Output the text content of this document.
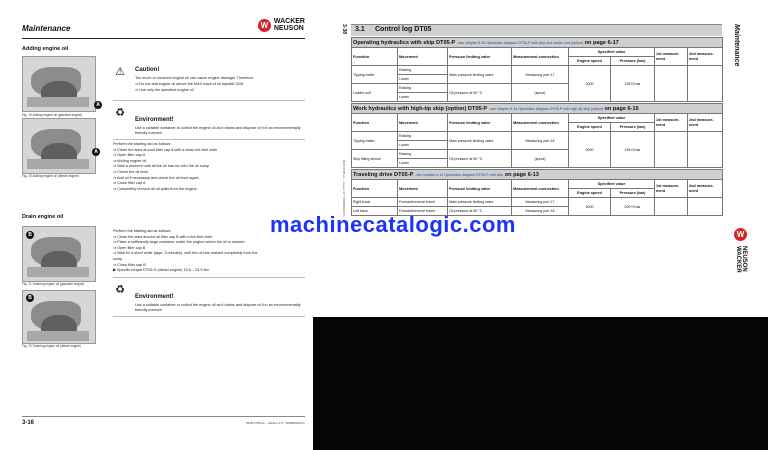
Maintenance	W WACKER
NEUSON
Adding engine oil
A
Fig. 19 Adding engine oil (gasoline engine)
A
Fig. 20 Adding engine oil (diesel engine)
⚠	Caution!
Too much or incorrect engine oil can cause engine damage! Therefore:
⇒ Do not add engine oil above the MAX mark of oil dipstick 32/A
⇒ Use only the specified engine oil
♻
Environment!
Use a suitable container to collect the engine oil as it drains and dispose of it in an environmentally friendly manner!
Perform the starting aid as follows:
⇒ Clean the area around filler cap A with a clean lint-free cloth
⇒ Open filler cap A
⇒ Adding engine oil
⇒ Wait a moment until all the oil has run into the oil sump
⇒ Check the oil level
⇒ Add oil if necessary and check the oil level again
⇒ Close filler cap A
⇒ Completely remove all oil spills from the engine.
Drain engine oil
B
Fig. 21 Draining engine oil (gasoline engine)
B
Fig. 22 Draining engine oil (diesel engine)
Perform the starting aid as follows:
⇒ Clean the area around oil filler cap B with a lint-free cloth
⇒ Place a sufficiently large container under the engine where the oil is drained
⇒ Open filler cap B
⇒ Wait for a short while (appr. 3 minutes), until the oil has drained completely from the
sump
⇒ Close filler cap B
▶ Specific torque DT05-D (diesel engine) 15.6 – 23.5 Nm
♻
Environment!
Use a suitable container to collect the engine oil as it drains and dispose of it in an environmentally friendly manner!
3-16	BHB DT05-en – Edition 1.0 * 1800B0229.fm
3-38
BHB DT05-en – Issue 1.0 * 1800B0229.fm
Maintenance
W
WACKER NEUSON
3.1 Control log DT05
Operating hydraulics with skip DT05-P - see chapter 6.16 Hydraulics diagram DT05-P with skip and loader unit (option) on page 6-17							
Function	Movement	Pressure limiting valve	Measurement connection	Specified value		1st measure-ment	2nd measure-ment
				Engine speed	Pressure (bar)		
Tipping trailer	Raising	Main pressure limiting valve	Measuring port 17	3000	135+5 bar		
	Lower						
Loader unit	Raising	Oil pressure at 50 °C	(spool)				
	Lower						
Work hydraulics with high-tip skip (option) DT05-P - see chapter 6.14 Hydraulics diagram DT05-P with high-tip skip (option) on page 6-15							
Function	Movement	Pressure limiting valve	Measurement connection	Specified value		1st measure-ment	2nd measure-ment
				Engine speed	Pressure (bar)		
Tipping trailer	Raising	Main pressure limiting valve	Measuring port 16	3000	135+5 bar		
	Lower						
Skip lifting device	Raising	Oil pressure at 50 °C	(spool)				
	Lower						
Traveling drive DT05-P - see chapter 6.12 Hydraulics diagram DT05-P with skip on page 6-13							
Function	Movement	Pressure limiting valve	Measurement connection	Specified value		1st measure-ment	2nd measure-ment
				Engine speed	Pressure (bar)		
Right track	Forward/reverse travel	Main pressure limiting valve	Measuring port 17	3000	200+5 bar		
Left track	Forward/reverse travel	Oil pressure at 50 °C	Measuring port 16				
machinecatalogic.com
